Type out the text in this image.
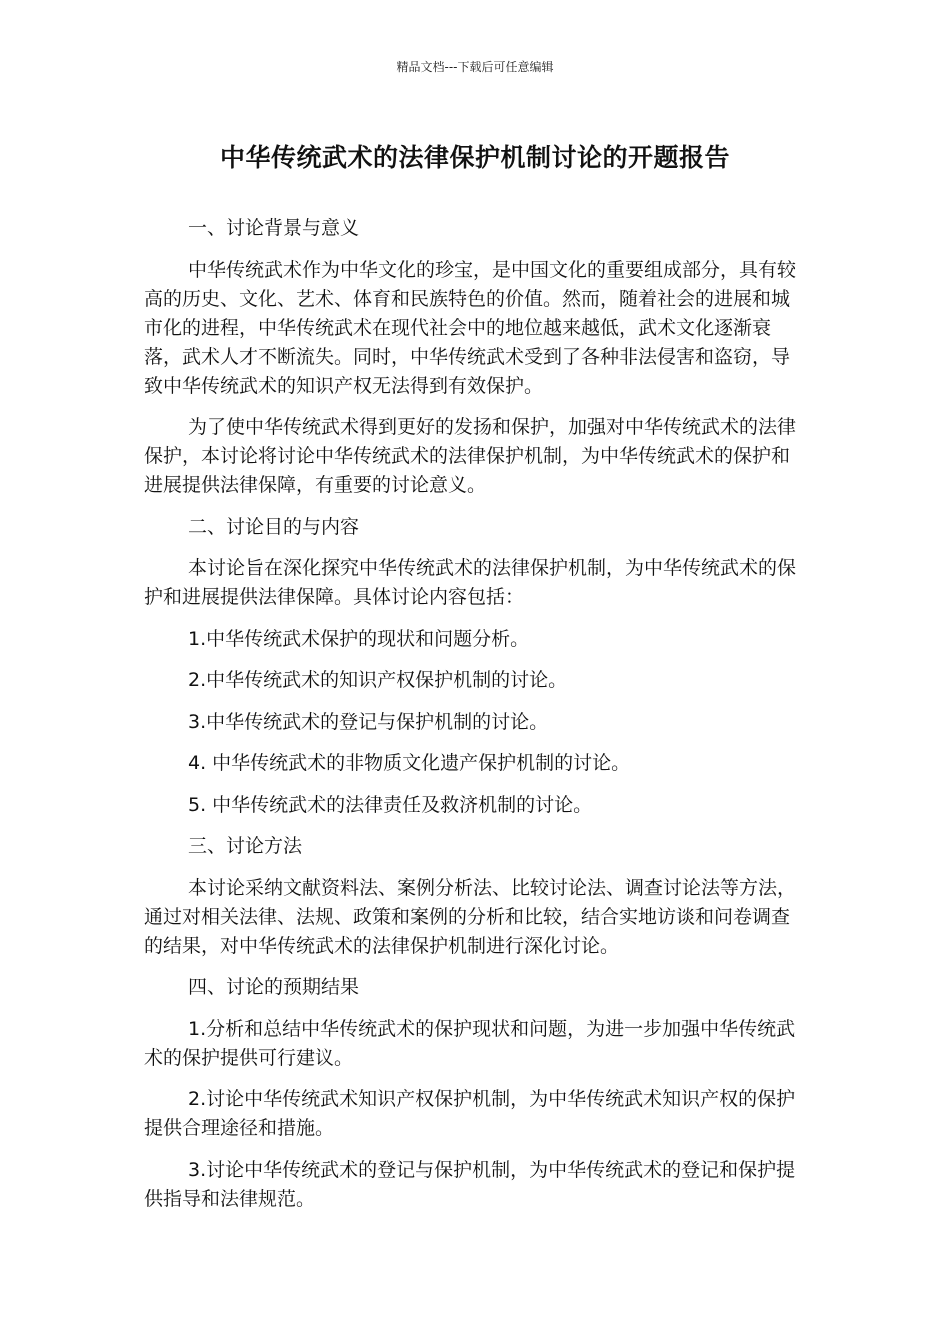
精品文档---下载后可任意编辑
中华传统武术的法律保护机制讨论的开题报告

一、讨论背景与意义

中华传统武术作为中华文化的珍宝，是中国文化的重要组成部分，具有较高的历史、文化、艺术、体育和民族特色的价值。然而，随着社会的进展和城市化的进程，中华传统武术在现代社会中的地位越来越低，武术文化逐渐衰落，武术人才不断流失。同时，中华传统武术受到了各种非法侵害和盗窃，导致中华传统武术的知识产权无法得到有效保护。

为了使中华传统武术得到更好的发扬和保护，加强对中华传统武术的法律保护，本讨论将讨论中华传统武术的法律保护机制，为中华传统武术的保护和进展提供法律保障，有重要的讨论意义。

二、讨论目的与内容

本讨论旨在深化探究中华传统武术的法律保护机制，为中华传统武术的保护和进展提供法律保障。具体讨论内容包括：

1.中华传统武术保护的现状和问题分析。

2.中华传统武术的知识产权保护机制的讨论。

3.中华传统武术的登记与保护机制的讨论。

4. 中华传统武术的非物质文化遗产保护机制的讨论。

5. 中华传统武术的法律责任及救济机制的讨论。

三、讨论方法

本讨论采纳文献资料法、案例分析法、比较讨论法、调查讨论法等方法，通过对相关法律、法规、政策和案例的分析和比较，结合实地访谈和问卷调查的结果，对中华传统武术的法律保护机制进行深化讨论。

四、讨论的预期结果

1.分析和总结中华传统武术的保护现状和问题，为进一步加强中华传统武术的保护提供可行建议。

2.讨论中华传统武术知识产权保护机制，为中华传统武术知识产权的保护提供合理途径和措施。

3.讨论中华传统武术的登记与保护机制，为中华传统武术的登记和保护提供指导和法律规范。
